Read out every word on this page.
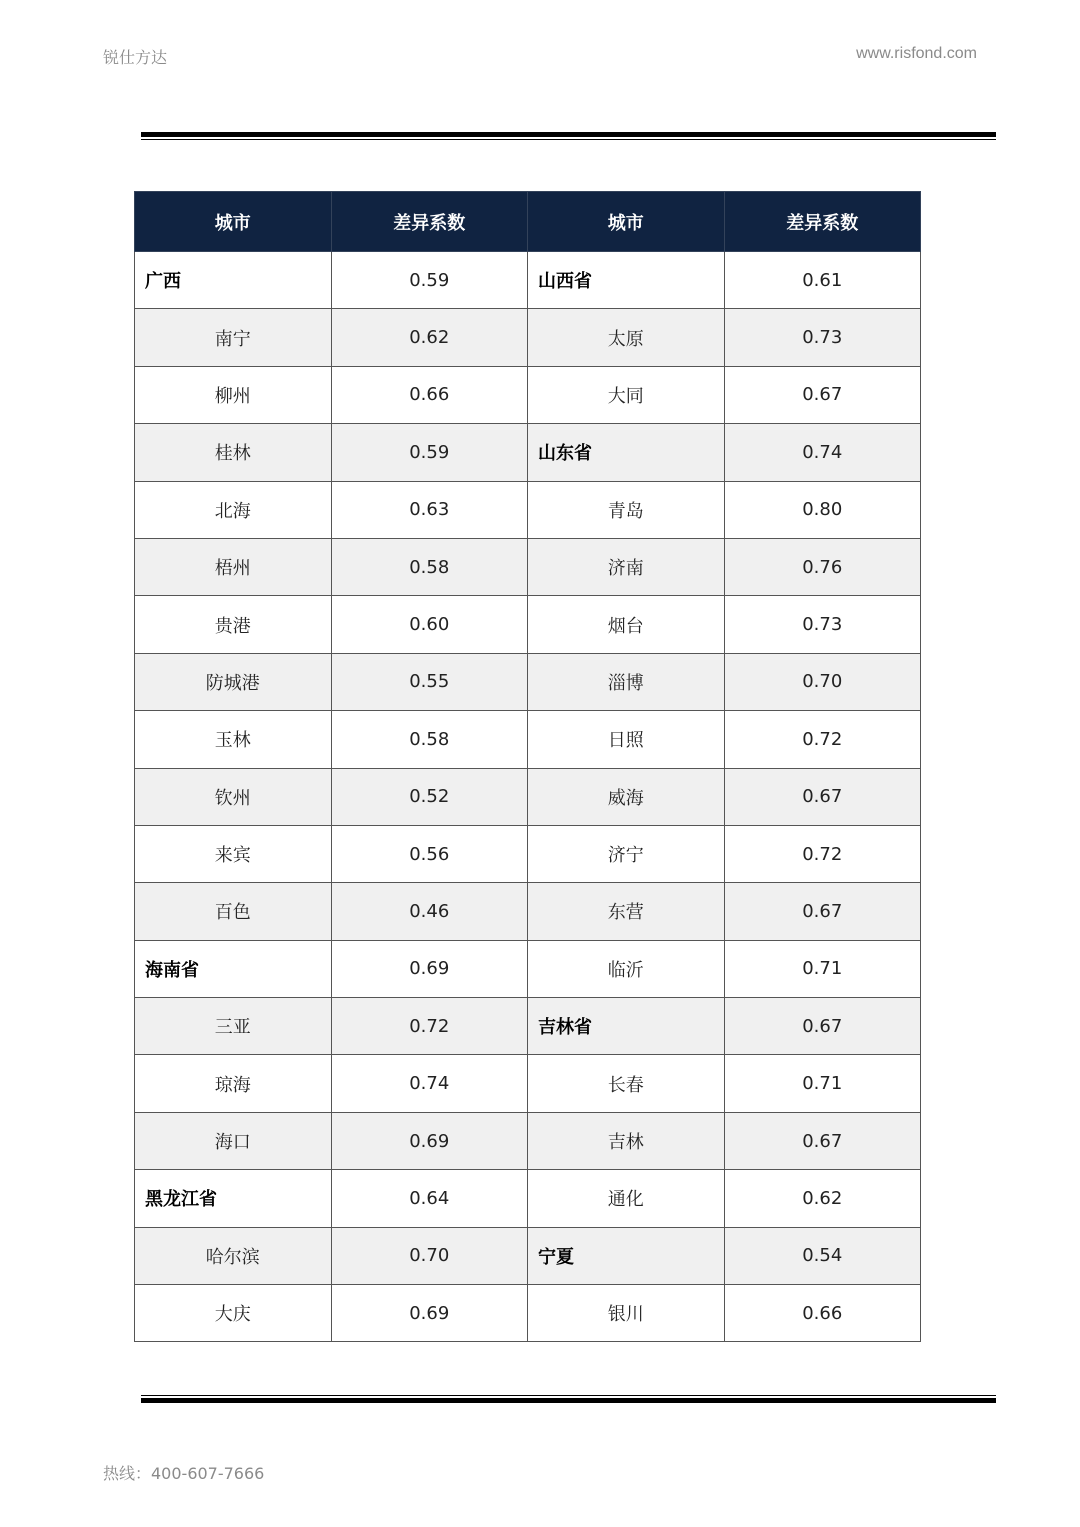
锐仕方达	www.risfond.com
城市	差异系数	城市	差异系数
广西	0.59	山西省	0.61
南宁	0.62	太原	0.73
柳州	0.66	大同	0.67
桂林	0.59	山东省	0.74
北海	0.63	青岛	0.80
梧州	0.58	济南	0.76
贵港	0.60	烟台	0.73
防城港	0.55	淄博	0.70
玉林	0.58	日照	0.72
钦州	0.52	威海	0.67
来宾	0.56	济宁	0.72
百色	0.46	东营	0.67
海南省	0.69	临沂	0.71
三亚	0.72	吉林省	0.67
琼海	0.74	长春	0.71
海口	0.69	吉林	0.67
黑龙江省	0.64	通化	0.62
哈尔滨	0.70	宁夏	0.54
大庆	0.69	银川	0.66
热线：400-607-7666
